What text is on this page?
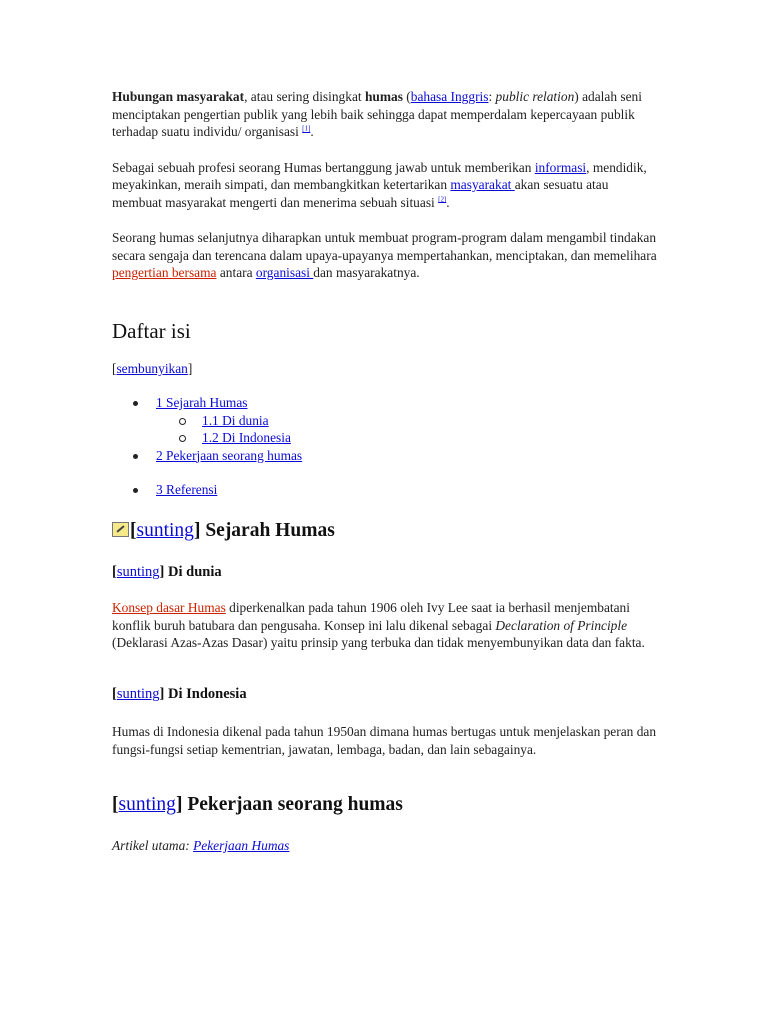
Hubungan masyarakat, atau sering disingkat humas (bahasa Inggris: public relation) adalah seni menciptakan pengertian publik yang lebih baik sehingga dapat memperdalam kepercayaan publik terhadap suatu individu/ organisasi [1].

Sebagai sebuah profesi seorang Humas bertanggung jawab untuk memberikan informasi, mendidik, meyakinkan, meraih simpati, dan membangkitkan ketertarikan masyarakat akan sesuatu atau membuat masyarakat mengerti dan menerima sebuah situasi [2].

Seorang humas selanjutnya diharapkan untuk membuat program-program dalam mengambil tindakan secara sengaja dan terencana dalam upaya-upayanya mempertahankan, menciptakan, dan memelihara pengertian bersama antara organisasi dan masyarakatnya.

Daftar isi
[sembunyikan]
1 Sejarah Humas
1.1 Di dunia
1.2 Di Indonesia
2 Pekerjaan seorang humas
3 Referensi
[sunting] Sejarah Humas
[sunting] Di dunia

Konsep dasar Humas diperkenalkan pada tahun 1906 oleh Ivy Lee saat ia berhasil menjembatani konflik buruh batubara dan pengusaha. Konsep ini lalu dikenal sebagai Declaration of Principle (Deklarasi Azas-Azas Dasar) yaitu prinsip yang terbuka dan tidak menyembunyikan data dan fakta.

[sunting] Di Indonesia

Humas di Indonesia dikenal pada tahun 1950an dimana humas bertugas untuk menjelaskan peran dan fungsi-fungsi setiap kementrian, jawatan, lembaga, badan, dan lain sebagainya.

[sunting] Pekerjaan seorang humas

Artikel utama: Pekerjaan Humas
